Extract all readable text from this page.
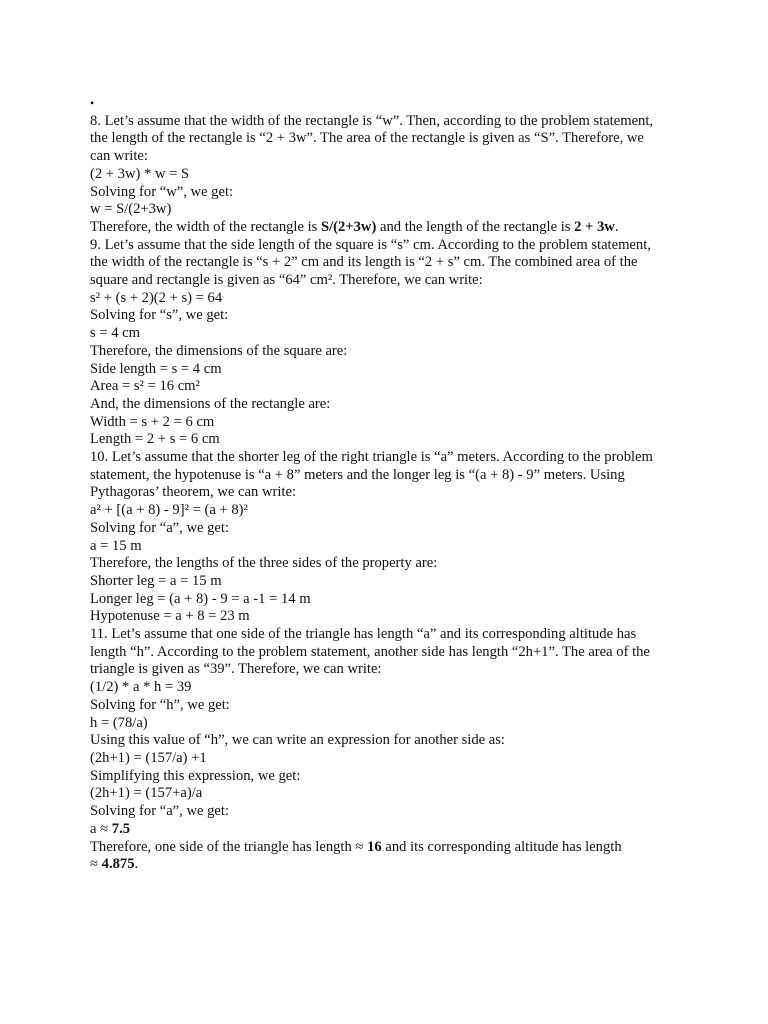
•
8. Let’s assume that the width of the rectangle is “w”. Then, according to the problem statement,
the length of the rectangle is “2 + 3w”. The area of the rectangle is given as “S”. Therefore, we
can write:
(2 + 3w) * w = S
Solving for “w”, we get:
w = S/(2+3w)
Therefore, the width of the rectangle is S/(2+3w) and the length of the rectangle is 2 + 3w.
9. Let’s assume that the side length of the square is “s” cm. According to the problem statement,
the width of the rectangle is “s + 2” cm and its length is “2 + s” cm. The combined area of the
square and rectangle is given as “64” cm². Therefore, we can write:
s² + (s + 2)(2 + s) = 64
Solving for “s”, we get:
s = 4 cm
Therefore, the dimensions of the square are:
Side length = s = 4 cm
Area = s² = 16 cm²
And, the dimensions of the rectangle are:
Width = s + 2 = 6 cm
Length = 2 + s = 6 cm
10. Let’s assume that the shorter leg of the right triangle is “a” meters. According to the problem
statement, the hypotenuse is “a + 8” meters and the longer leg is “(a + 8) - 9” meters. Using
Pythagoras’ theorem, we can write:
a² + [(a + 8) - 9]² = (a + 8)²
Solving for “a”, we get:
a = 15 m
Therefore, the lengths of the three sides of the property are:
Shorter leg = a = 15 m
Longer leg = (a + 8) - 9 = a -1 = 14 m
Hypotenuse = a + 8 = 23 m
11. Let’s assume that one side of the triangle has length “a” and its corresponding altitude has
length “h”. According to the problem statement, another side has length “2h+1”. The area of the
triangle is given as “39”. Therefore, we can write:
(1/2) * a * h = 39
Solving for “h”, we get:
h = (78/a)
Using this value of “h”, we can write an expression for another side as:
(2h+1) = (157/a) +1
Simplifying this expression, we get:
(2h+1) = (157+a)/a
Solving for “a”, we get:
a ≈ 7.5
Therefore, one side of the triangle has length ≈ 16 and its corresponding altitude has length
≈ 4.875.
